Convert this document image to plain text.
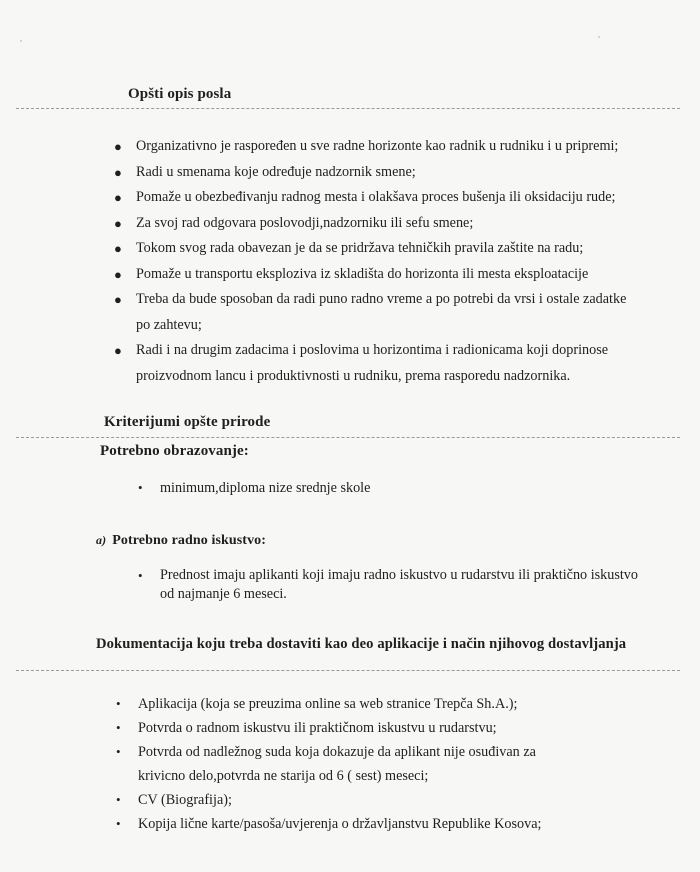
Opšti opis posla
● Organizativno je raspoređen u sve radne horizonte kao radnik u rudniku i u pripremi;
● Radi u smenama koje određuje nadzornik smene;
● Pomaže u obezbeđivanju radnog mesta i olakšava proces bušenja ili oksidaciju rude;
● Za svoj rad odgovara poslovodji,nadzorniku ili sefu smene;
● Tokom svog rada obavezan je da se pridržava tehničkih pravila zaštite na radu;
● Pomaže u transportu eksploziva iz skladišta do horizonta ili mesta eksploatacije
● Treba da bude sposoban da radi puno radno vreme a po potrebi da vrsi i ostale zadatke po zahtevu;
● Radi i na drugim zadacima i poslovima u horizontima i radionicama koji doprinose proizvodnom lancu i produktivnosti u rudniku, prema rasporedu nadzornika.
Kriterijumi opšte prirode
Potrebno obrazovanje:
• minimum,diploma nize srednje skole
a) Potrebno radno iskustvo:
• Prednost imaju aplikanti koji imaju radno iskustvo u rudarstvu ili praktično iskustvo od najmanje 6 meseci.
Dokumentacija koju treba dostaviti kao deo aplikacije i način njihovog dostavljanja
• Aplikacija (koja se preuzima online sa web stranice Trepča Sh.A.);
• Potvrda o radnom iskustvu ili praktičnom iskustvu u rudarstvu;
• Potvrda od nadležnog suda koja dokazuje da aplikant nije osuđivan za krivicno delo,potvrda ne starija od 6 ( sest) meseci;
• CV (Biografija);
• Kopija lične karte/pasoša/uvjerenja o državljanstvu Republike Kosova;
